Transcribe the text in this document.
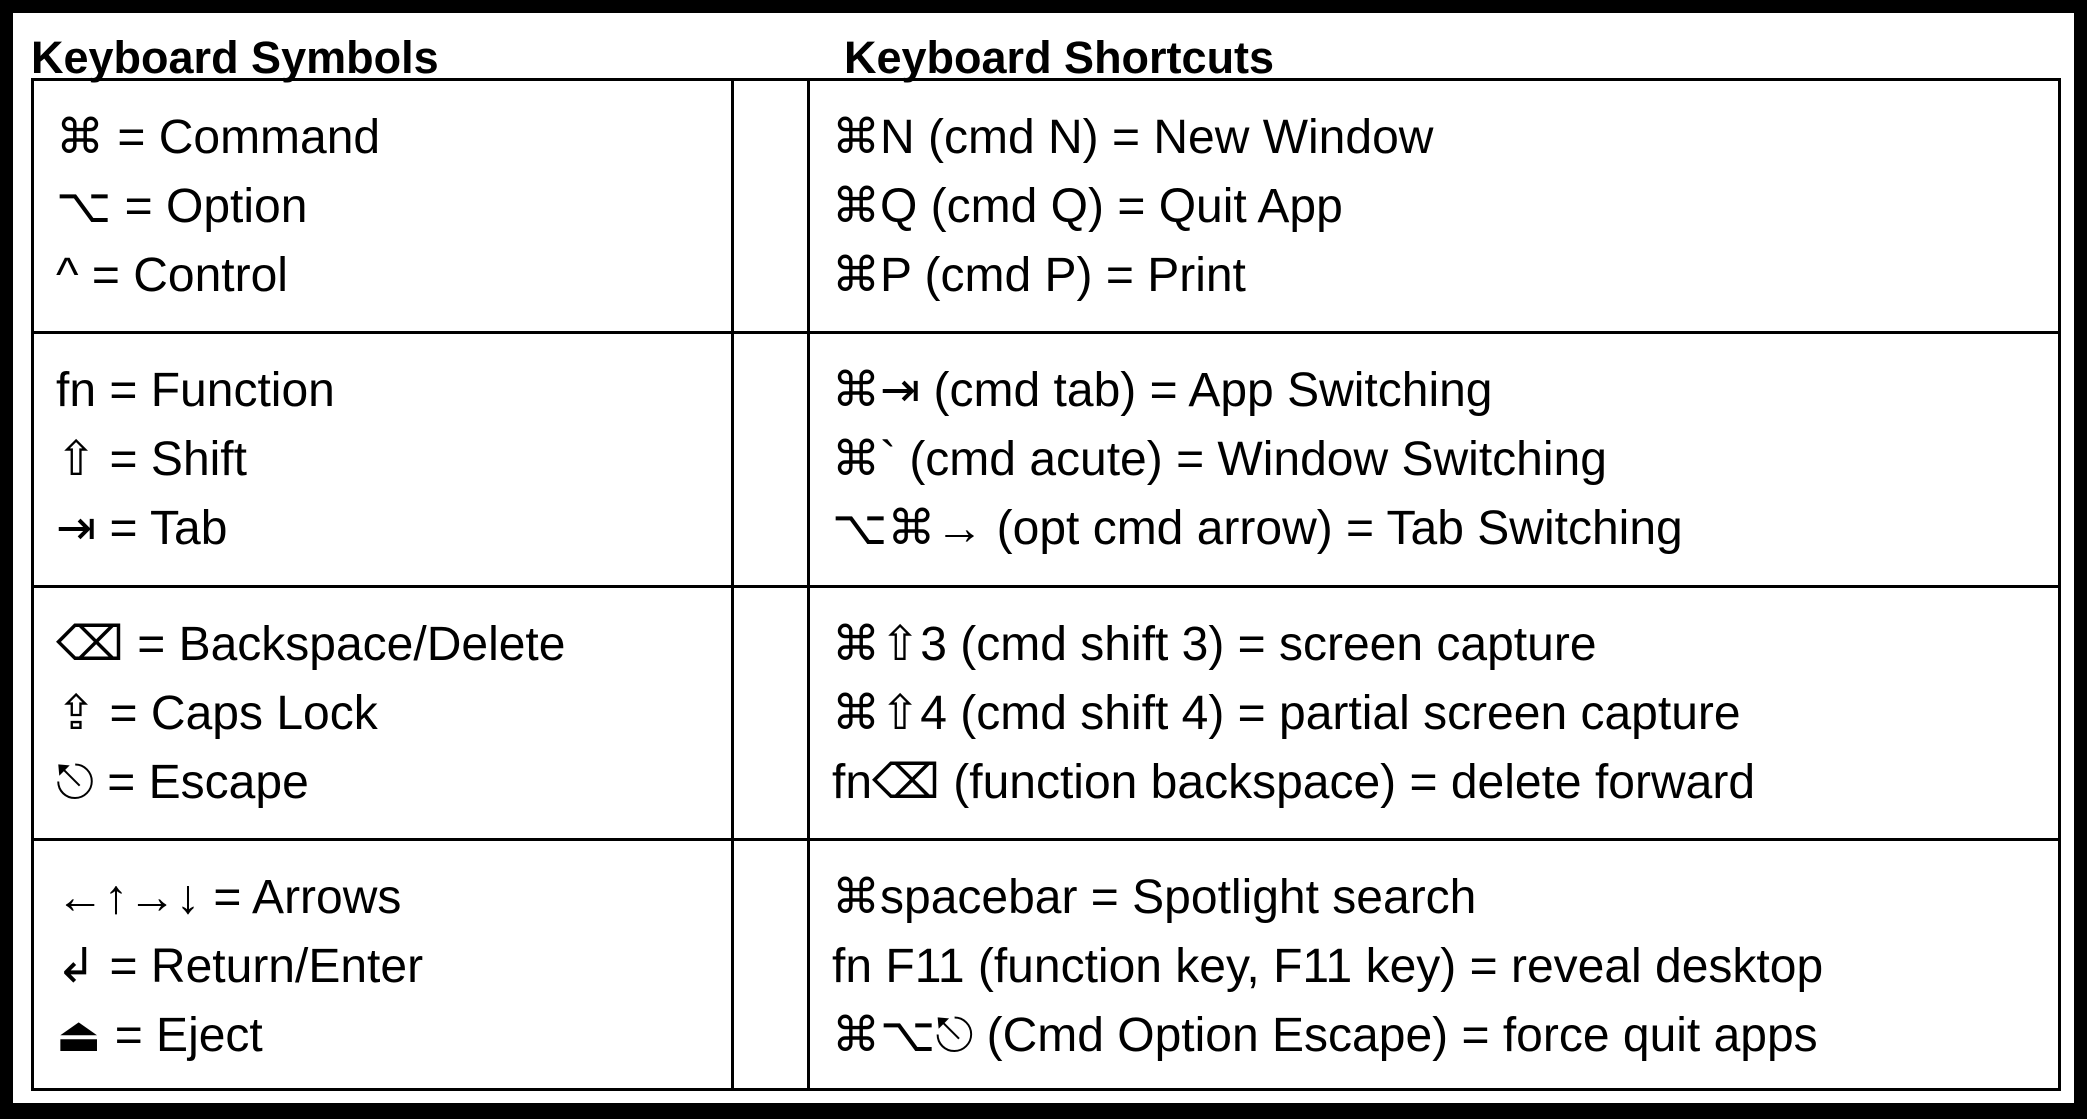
Keyboard Symbols	Keyboard Shortcuts
⌘ = Command
⌥ = Option
^ = Control
⌘N (cmd N) = New Window
⌘Q (cmd Q) = Quit App
⌘P (cmd P) = Print
fn = Function
⇧ = Shift
⇥ = Tab
⌘⇥ (cmd tab) = App Switching
⌘` (cmd acute) = Window Switching
⌥⌘→ (opt cmd arrow) = Tab Switching
⌫ = Backspace/Delete
⇪ = Caps Lock
⎋ = Escape
⌘⇧3 (cmd shift 3) = screen capture
⌘⇧4 (cmd shift 4) = partial screen capture
fn⌫ (function backspace) = delete forward
←↑→↓ = Arrows
↲ = Return/Enter
⏏ = Eject
⌘spacebar = Spotlight search
fn F11 (function key, F11 key) = reveal desktop
⌘⌥⎋ (Cmd Option Escape) = force quit apps
